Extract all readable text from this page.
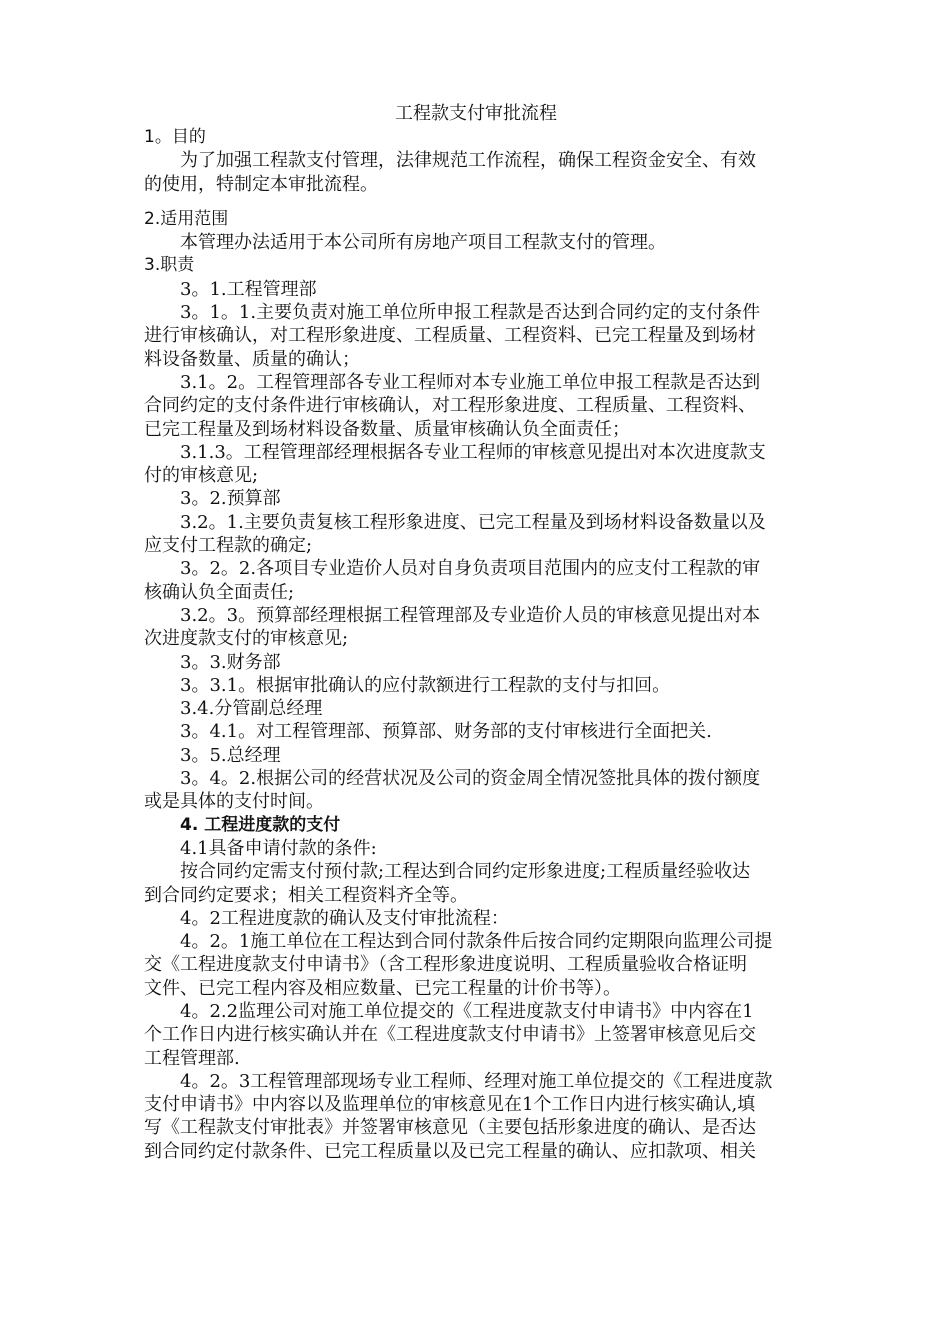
工程款支付审批流程
1。目的
为了加强工程款支付管理，法律规范工作流程，确保工程资金安全、有效
的使用，特制定本审批流程。
2.适用范围
本管理办法适用于本公司所有房地产项目工程款支付的管理。
3.职责
3。1.工程管理部
3。1。1.主要负责对施工单位所申报工程款是否达到合同约定的支付条件
进行审核确认，对工程形象进度、工程质量、工程资料、已完工程量及到场材
料设备数量、质量的确认；
3.1。2。工程管理部各专业工程师对本专业施工单位申报工程款是否达到
合同约定的支付条件进行审核确认，对工程形象进度、工程质量、工程资料、
已完工程量及到场材料设备数量、质量审核确认负全面责任；
3.1.3。工程管理部经理根据各专业工程师的审核意见提出对本次进度款支
付的审核意见;
3。2.预算部
3.2。1.主要负责复核工程形象进度、已完工程量及到场材料设备数量以及
应支付工程款的确定;
3。2。2.各项目专业造价人员对自身负责项目范围内的应支付工程款的审
核确认负全面责任;
3.2。3。预算部经理根据工程管理部及专业造价人员的审核意见提出对本
次进度款支付的审核意见;
3。3.财务部
3。3.1。根据审批确认的应付款额进行工程款的支付与扣回。
3.4.分管副总经理
3。4.1。对工程管理部、预算部、财务部的支付审核进行全面把关.
3。5.总经理
3。4。2.根据公司的经营状况及公司的资金周全情况签批具体的拨付额度
或是具体的支付时间。
4. 工程进度款的支付
4.1具备申请付款的条件:
按合同约定需支付预付款;工程达到合同约定形象进度;工程质量经验收达
到合同约定要求；相关工程资料齐全等。
4。2工程进度款的确认及支付审批流程：
4。2。1施工单位在工程达到合同付款条件后按合同约定期限向监理公司提
交《工程进度款支付申请书》（含工程形象进度说明、工程质量验收合格证明
文件、已完工程内容及相应数量、已完工程量的计价书等）。
4。2.2监理公司对施工单位提交的《工程进度款支付申请书》中内容在1
个工作日内进行核实确认并在《工程进度款支付申请书》上签署审核意见后交
工程管理部.
4。2。3工程管理部现场专业工程师、经理对施工单位提交的《工程进度款
支付申请书》中内容以及监理单位的审核意见在1个工作日内进行核实确认,填
写《工程款支付审批表》并签署审核意见（主要包括形象进度的确认、是否达
到合同约定付款条件、已完工程质量以及已完工程量的确认、应扣款项、相关
